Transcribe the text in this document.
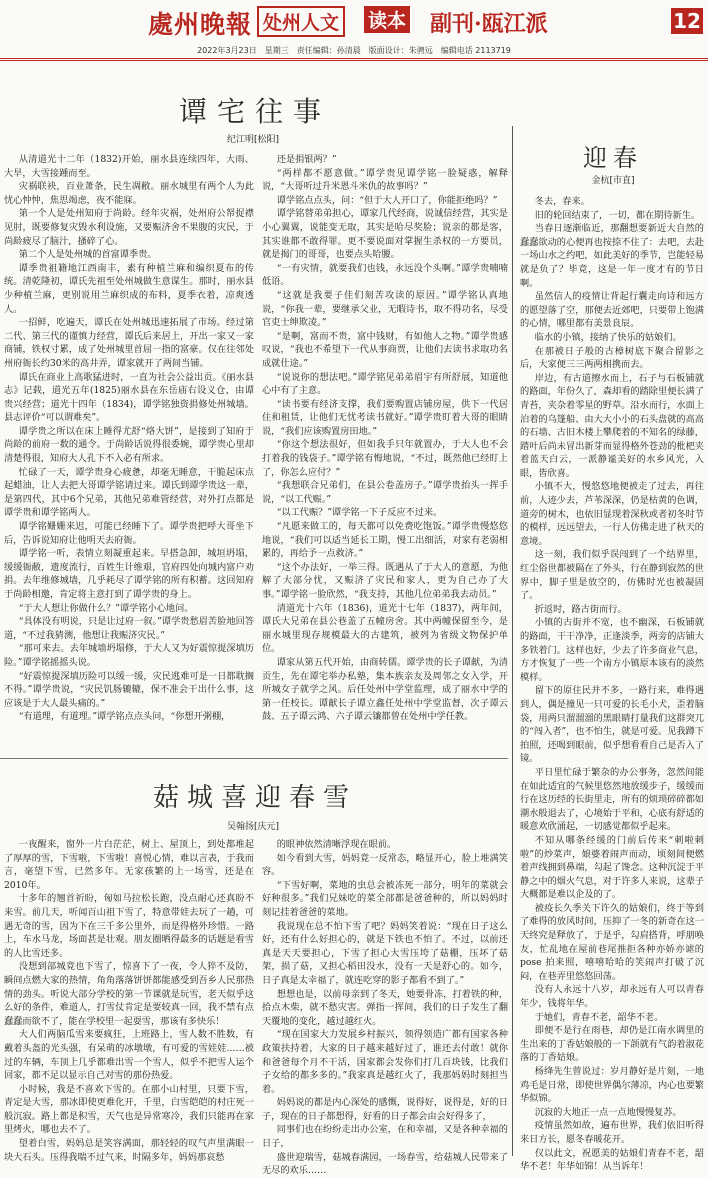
處州晚報 处州人文	读本 副刊·瓯江派	12
2022年3月23日　星期三　责任编辑：孙清晨　版面设计：朱骋远　编辑电话 2113719
谭宅往事
纪江明[松阳]

从清道光十二年（1832)开始，丽水县连续四年，大雨、大旱，大雪接踵而至。

灾祸联袂，百业萧条，民生凋敝。丽水城里有两个人为此忧心忡忡，焦思竭虑，夜不能寐。

第一个人是处州知府于尚龄。经年灾祸，处州府公帑捉襟见肘，既要修复灾毁水利设施，又要赈济舍不果腹的灾民，于尚龄疲尽了脑汁，搔碎了心。

第二个人是处州城的首富谭季贵。

谭季贵祖籍地江西南丰，素有种植兰麻和编织夏布的传统。清乾隆初，谭氏先祖至处州城做生意谋生。那时，丽水县少种植兰麻，更别说用兰麻织成的布料，夏季衣着，凉爽透人。

一招鲜，吃遍天，谭氏在处州城迅速拓展了市场。经过第二代、第三代的谨慎力经营，谭氏后来居上，开出一家又一家商铺，铁权寸累，成了处州城里首屈一指的富豪。仅在往邻处州府衙长约30米的高井弄，谭家就开了两间当铺。

谭氏在商业上高歌猛进时，一直为社会公益出贡。《丽水县志》记载，道光五年(1825)丽水县在东岳庙右设义仓，由谭贵兴经营；道光十四年（1834)，谭学铭独资捐修处州城墙。县志评价“可以谓难矣”。

谭学贵之所以在床上睡得尤舒“烙大饼”，是接到了知府于尚龄的前府一数的通令。于尚龄话说得很委婉，谭学贵心里却清楚得很，知府大人孔下不入必有所求。

忙碌了一天，谭学贵身心疲惫，却毫无睡意，干脆起床点起蜡油，让人去把大哥谭学铭请过来。谭氏到谭学贵这一辈，是第四代，其中6个兄弟，其他兄弟难管经营，对外打点都是谭学贵和谭学铭两人。

谭学铭姗姗来迟，可能已经睡下了。谭学贵把呼大哥坐下后，告诉说知府让他明天去府衙。

谭学铭一听，表情立刻凝重起来。早搭急卸，城垣坍塌，缓缓衙敝，遗度流行，百姓生计维艰，官府四处向城内富户劝捐。去年维修城墙，几乎耗尽了谭学铭的所有积蓄。这回知府于尚龄相邀，肯定将主意打到了谭学贵的身上。

“于大人想让你做什么？”谭学铭小心地问。

“具体没有明说，只是让过府一叙。”谭学贵愁眉苦脸地回答道，“不过我猜测，他想让我赈济灾民。”

“那可来去。去年城墙坍塌修，于大人又为好震惊提深填历险。”谭学铭摇摇头说。

“好震惊提深填历险可以缓一缓，灾民逃难可是一日都耽搁不得。”谭学贵说，“灾民饥肠辘辘，保不准会干出什么事，这应该是于大人最头痛的。”

“有道理，有道理。”谭学铭点点头问，“你想开粥棚，

还是捐银两？”

“两样都不愿意做。”谭学贵见谭学铭一脸疑惑，解释说，“大哥听过升米恩斗米仇的故事吗？”

谭学铭点点头，问：“但于大人开口了，你能拒绝吗？”

谭学铭替弟弟担心，谭家几代经商，说诚信经营，其实是小心翼翼，说能变无取，其实是哈尽奖脸；说亲的都是客，其实谁都不敢得罪。更不要说面对掌握生杀权的一方要员，就是揭门的哥哥，也要点头哈腰。

“一有灾情，就要我们也钱，永远没个头啊。”谭学贵喃喃低语。

“这就是我要子佳们刻苦攻读的原因。”谭学铭认真地说，“你我一辈，要继承父业，无暇诗书，取不得功名，尽受官吏士绅欺凌。”

“是啊，富而不贵，富中钱财，有如他人之物。”谭学贵感叹说，“我也不希望下一代从事商贾，让他们去读书求取功名成就仕途。”

“说说你的想法吧。”谭学铭见弟弟眉宇有所舒展，知道他心中有了主意。

“读书要有经济支撑，我们要购置店铺房屋，供下一代居住和租赁，让他们无忧考读书就好。”谭学贵盯着大哥的眼睛说，“我们应该购置房田地。”

“你这个想法很好，但如我手只年就置办，于大人也不会打着我的钱袋子。”谭学铭有悔地说，“不过，既然他已经盯上了，你怎么应付？”

“我想联合兄弟们，在县公卷盖房子。”谭学贵抬头一挥手说，“以工代赈。”

“以工代赈？”谭学铭一下子反应不过来。

“凡愿来做工的，每天都可以免费吃饱饭。”谭学贵慢悠悠地说，“我们可以适当延长工期，慢工出细活，对家有老弱相累的，再给予一点救济。”

“这个办法好，一举三得。既遇从了于大人的意愿，为他解了大部分忧，又赈济了灾民和家人，更为自己办了大事。”谭学铭一脸欣然，“我支持，其他几位弟弟我去动员。”

清道光十六年（1836)，道光十七年（1837)，两年间，谭氏大兄弟在县公巷盖了五幢房舍。其中两幢保留至今，是丽水城里现存规模最大的古建筑，被列为省级文物保护单位。

谭家从第五代开始，由商转儒。谭学贵的长子谭献，为清贡生，先在谭宅举办私塾，集本族亲友及周邻之女入学，开所城女子就学之风。后任处州中学堂监理，成了丽水中学的第一任校长。谭献长子谭立鑫任处州中学堂监督，次子谭云鼓、五子谭云鸿、六子谭云镶都曾在处州中学任教。

菇城喜迎春雪
吴翰扬[庆元]

一夜醒来，窗外一片白茫茫，树上、屋顶上，到处都堆起了厚厚的雪，下雪啦，下雪啦！喜悦心情，难以言表，于我而言，毫望下雪，已然多年。无家孩繁的上一场雪，还是在2010年。

十多年的翘首祈盼，匈如马拉松长跑，没点耐心还真盼不来雪。前几天，听闻百山祖下雪了，特意带娃去玩了一趟，可遇无奇的雪，因为下在三千多公里外，而是得格外珍惜。一路上，车水马龙，场面甚是壮观。朋友圈晒得最多的话题是看雪的人比雪还多。

没想到部城竟也下雪了，惊喜下了一夜，令人猝不及防，瞬间点燃大家的热情，角角落落饼饼都能感受到吾乡人民那热情的劲头。听说大部分学校的第一节课就是玩雪，老天似乎这么好的条件，难道人，打雪仗肯定是要较真一回，我不禁有点蠢蠢而欲不了，能在学校里一起耍雪，那该有多快乐！

大人们两脑瓜雪来要疯狂，上班路上，雪人数不胜数，有戴着头盔的光头强，有呆萌的冰墩墩，有可爱的雪娃娃……被过的车辆，车顶上几乎都难出雪一个雪人，似乎不把雪人运个回家，都不足以显示自己对雪的那份热爱。

小时候，我是不喜欢下雪的。在那小山村里，只要下雪，青定是大雪，那冰即使更难化开，千里，白雪皑皑的村庄死一般沉寂。路上都是积雪，天气也是异常寒冷，我们只能再在家里烤火，哪也去不了。

望着白雪，妈妈总是笑容满面，那轻轻的叹气声里满眼一块大石头。压得我喘不过气来，时隔多年，妈妈那哀愁

的眼神依然清晰浮现在眼前。

如今看到大雪，妈妈竟一反常态，略显开心，脸上堆满笑容。

“下雪好啊，菜地的虫总会被冻死一部分，明年的菜就会好种很多。”我们兄妹吃的菜全部都是爸爸种的，所以妈妈时刻记挂着爸爸的菜地。

我说现在总不怕下雪了吧？妈妈笑着说：“现在日子这么好，还有什么好担心的，就是下铁也不怕了。不过，以前还真是天天要担心，下雪了担心大雪压垮了菇棚，压坏了菇架，损了菇，又担心稻田没水，没有一天是舒心的。如今，日子真是太幸福了，就连吃穿的影子都看不到了。”

想想也是，以前母亲到了冬天，她要骨冻，打着铁的种，拾点木柴，就不愁灾害。弹指一挥间，我们的日子发生了翻天覆地的变化，越过越红火。

“现在国家大力发展乡村振兴，领得领造广都有国家各种政策扶持着，大家的日子越来越好过了，谁还去付敢！就你和爸爸每个月不干活，国家都会发你们打几百块钱，比我们子女给的都多多的。”我家真是越红火了，我那妈妈时刻担当着。

妈妈说的都是内心深处的感慨，说得好，说得是，好的日子，现在的日子都想得，好看的日子都会由会好得多了，

同事们也在纷纷走出办公室，在和幸福，又是各种幸福的日子，

盛世迎瑞雪，菇城春满园，一场春雪，给菇城人民带来了无尽的欢乐……

迎春
金杭[市直]

冬去，春来。

旧的轮回结束了，一切，都在期待新生。

当春日逐渐临近，那翻想要新近大自然的蠢蠢欲动的心便再也按捺不住了：去吧，去赴一场山水之约吧，如此美好的季节，岂能轻易就是负了？毕竟，这是一年一度才有的节日啊。

虽然信人的疫情让背起行囊走向诗和远方的愿望落了空，那便去近郊吧，只要带上饱满的心情，哪里都有美景良辰。

临水的小镇，接纳了快乐的姑娘们。

在那被日子般的古樟树底下聚合留影之后，大家便三三两两相携而去。

岸边，有古道擦水而上，石子与石板铺就的路面，年份久了，森却看的踏除里便长满了青苔，夹杂着零星的野草。沿水而行，水面上泊着的乌篷船、由大大小小的石头盘就的高高的石墙、古旧木楼上攀爬着的不知名的绿藤，踏叶后尚未冒出新芽而显得格外苍劲的枇杷夹着蓝天白云，一派静谧美好的水乡风光，入眼，皆欣喜。

小镇不大，慢悠悠地便被走了过去，再往前，人迹少去，芦苇深深，仍是枯黄的色调，道旁的树木，也依旧显现着深秋或者初冬时节的模样，远远望去，一行人仿佛走进了秋天的意境。

这一刻，我们似乎误闯到了一个结界里，红尘俗世都被隔在了外头，行在静到寂然的世界中，脚子里是放空的，仿佛时光也被凝固了。

折返时，路古街而行。

小镇的古街并不宽，也不幽深，石板铺就的路面，干干净净，正逢淡季，两旁的店铺大多铁着门。这样也好，少去了许多商业气息，方才恢复了一些一个南方小镇原本该有的淡然模样。

留下的原住民并不多，一路行来，难得遇到人，偶是撞见一只可爱的长毛小犬，歪着脑袋，用两只溜溜溜的黑眼睛打量我们这群突兀的“闯入者”，也不怕生，就是可爱。见我蹲下拍照，还喝到眼前，似乎想看看自己是否入了镜。

平日里忙碌于繁杂的办公事务，忽然间能在如此适宜的气候里悠然地放缓步子，缓缓而行在这历经的长街里走，所有的烦琐碎碎都如潮水般退去了，心境始于平和，心底有舒适的暖意欢欣涌起，一切感觉都似乎起来。

不知从哪条经缓的门前后传来“刺啦刺啦”的炒菜声，娘婆着闹声而动，顷刻间便燃着声线拥到鼻端，勾起了馋念。这种沉淀于平静之中的烟火气息，对于许多人来说，这辈子大概都是难以企及的了。

被疫长久季关下许久的姑娘们，终于等到了难得的放风时间，压抑了一冬的新奇在这一天终究是释放了，于是乎，勾肩搭背，呼朋唤友，忙乱地在屋前巷尾推拒各种亦娇亦谑的pose 拍来照，嘻嘻哈哈的笑闹声打破了沉闷，在巷弄里悠悠回荡。

没有人永远十八岁，却永远有人可以青春年少，钱将年华。

于她们，青春不老，韶华不老。

即便不是行在雨巷，却仍是江南水调里的生出来的丁香姑娘般的一下颌就有气韵着淑花落的丁香姑娘。

杨绛先生曾说过：岁月静好是片刻，一地鸡毛是日常，即使世界偶尔薄凉，内心也要繁华似锦。

沉寂的大地正一点一点地慢慢复苏。

疫情虽然如故，遍布世界，我们依旧听得来日方长，愿冬春暖花开。

仅以此文，祝愿美的姑娘们青春不老，韶华不老！年华如锦！从当诉年！
